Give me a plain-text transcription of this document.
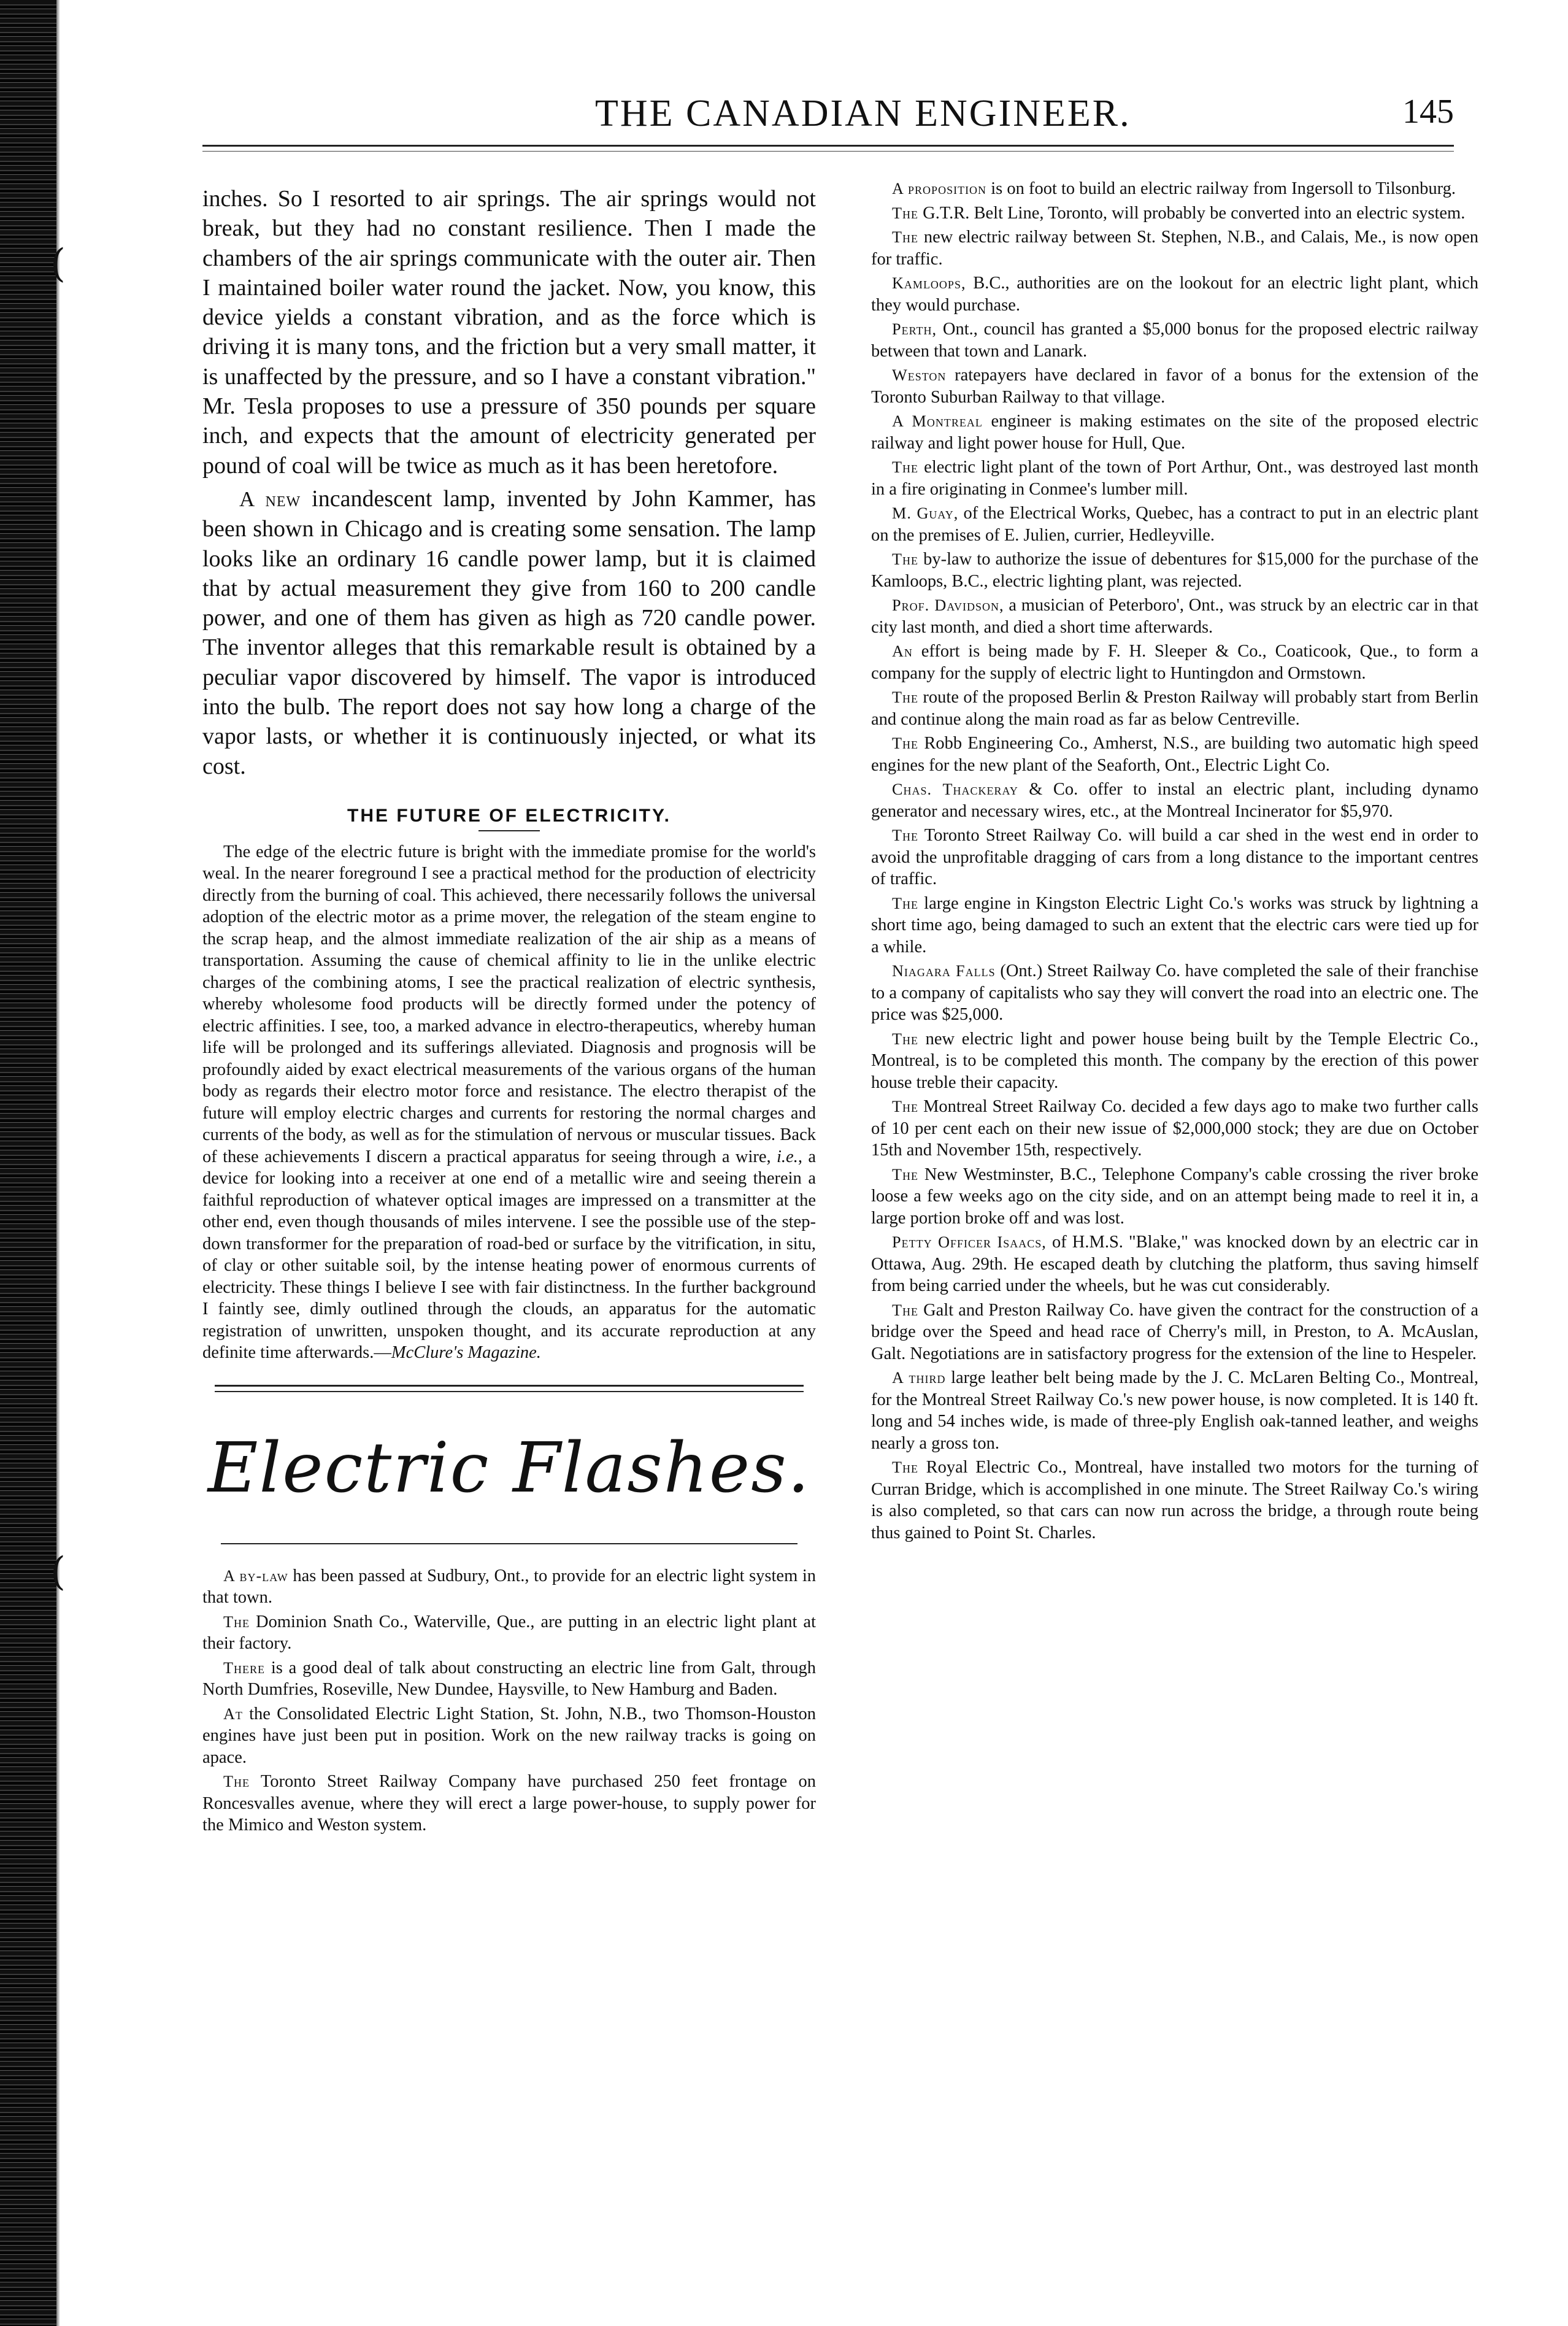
(
(
THE CANADIAN ENGINEER.	145

inches. So I resorted to air springs. The air springs would not break, but they had no constant resilience. Then I made the chambers of the air springs communicate with the outer air. Then I maintained boiler water round the jacket. Now, you know, this device yields a constant vibration, and as the force which is driving it is many tons, and the friction but a very small matter, it is unaffected by the pressure, and so I have a constant vibration." Mr. Tesla proposes to use a pressure of 350 pounds per square inch, and expects that the amount of electricity generated per pound of coal will be twice as much as it has been heretofore.

A new incandescent lamp, invented by John Kammer, has been shown in Chicago and is creating some sensation. The lamp looks like an ordinary 16 candle power lamp, but it is claimed that by actual measurement they give from 160 to 200 candle power, and one of them has given as high as 720 candle power. The inventor alleges that this remarkable result is obtained by a peculiar vapor discovered by himself. The vapor is introduced into the bulb. The report does not say how long a charge of the vapor lasts, or whether it is continuously injected, or what its cost.

THE FUTURE OF ELECTRICITY.

The edge of the electric future is bright with the immediate promise for the world's weal. In the nearer foreground I see a practical method for the production of electricity directly from the burning of coal. This achieved, there necessarily follows the universal adoption of the electric motor as a prime mover, the relegation of the steam engine to the scrap heap, and the almost immediate realization of the air ship as a means of transportation. Assuming the cause of chemical affinity to lie in the unlike electric charges of the combining atoms, I see the practical realization of electric synthesis, whereby wholesome food products will be directly formed under the potency of electric affinities. I see, too, a marked advance in electro-therapeutics, whereby human life will be prolonged and its sufferings alleviated. Diagnosis and prognosis will be profoundly aided by exact electrical measurements of the various organs of the human body as regards their electro motor force and resistance. The electro therapist of the future will employ electric charges and currents for restoring the normal charges and currents of the body, as well as for the stimulation of nervous or muscular tissues. Back of these achievements I discern a practical apparatus for seeing through a wire, i.e., a device for looking into a receiver at one end of a metallic wire and seeing therein a faithful reproduction of whatever optical images are impressed on a transmitter at the other end, even though thousands of miles intervene. I see the possible use of the step-down transformer for the preparation of road-bed or surface by the vitrification, in situ, of clay or other suitable soil, by the intense heating power of enormous currents of electricity. These things I believe I see with fair distinctness. In the further background I faintly see, dimly outlined through the clouds, an apparatus for the automatic registration of unwritten, unspoken thought, and its accurate reproduction at any definite time afterwards.—McClure's Magazine.

Electric Flashes.

A by-law has been passed at Sudbury, Ont., to provide for an electric light system in that town.

The Dominion Snath Co., Waterville, Que., are putting in an electric light plant at their factory.

There is a good deal of talk about constructing an electric line from Galt, through North Dumfries, Roseville, New Dundee, Haysville, to New Hamburg and Baden.

At the Consolidated Electric Light Station, St. John, N.B., two Thomson-Houston engines have just been put in position. Work on the new railway tracks is going on apace.

The Toronto Street Railway Company have purchased 250 feet frontage on Roncesvalles avenue, where they will erect a large power-house, to supply power for the Mimico and Weston system.

A proposition is on foot to build an electric railway from Ingersoll to Tilsonburg.

The G.T.R. Belt Line, Toronto, will probably be converted into an electric system.

The new electric railway between St. Stephen, N.B., and Calais, Me., is now open for traffic.

Kamloops, B.C., authorities are on the lookout for an electric light plant, which they would purchase.

Perth, Ont., council has granted a $5,000 bonus for the proposed electric railway between that town and Lanark.

Weston ratepayers have declared in favor of a bonus for the extension of the Toronto Suburban Railway to that village.

A Montreal engineer is making estimates on the site of the proposed electric railway and light power house for Hull, Que.

The electric light plant of the town of Port Arthur, Ont., was destroyed last month in a fire originating in Conmee's lumber mill.

M. Guay, of the Electrical Works, Quebec, has a contract to put in an electric plant on the premises of E. Julien, currier, Hedleyville.

The by-law to authorize the issue of debentures for $15,000 for the purchase of the Kamloops, B.C., electric lighting plant, was rejected.

Prof. Davidson, a musician of Peterboro', Ont., was struck by an electric car in that city last month, and died a short time afterwards.

An effort is being made by F. H. Sleeper & Co., Coaticook, Que., to form a company for the supply of electric light to Huntingdon and Ormstown.

The route of the proposed Berlin & Preston Railway will probably start from Berlin and continue along the main road as far as below Centreville.

The Robb Engineering Co., Amherst, N.S., are building two automatic high speed engines for the new plant of the Seaforth, Ont., Electric Light Co.

Chas. Thackeray & Co. offer to instal an electric plant, including dynamo generator and necessary wires, etc., at the Montreal Incinerator for $5,970.

The Toronto Street Railway Co. will build a car shed in the west end in order to avoid the unprofitable dragging of cars from a long distance to the important centres of traffic.

The large engine in Kingston Electric Light Co.'s works was struck by lightning a short time ago, being damaged to such an extent that the electric cars were tied up for a while.

Niagara Falls (Ont.) Street Railway Co. have completed the sale of their franchise to a company of capitalists who say they will convert the road into an electric one. The price was $25,000.

The new electric light and power house being built by the Temple Electric Co., Montreal, is to be completed this month. The company by the erection of this power house treble their capacity.

The Montreal Street Railway Co. decided a few days ago to make two further calls of 10 per cent each on their new issue of $2,000,000 stock; they are due on October 15th and November 15th, respectively.

The New Westminster, B.C., Telephone Company's cable crossing the river broke loose a few weeks ago on the city side, and on an attempt being made to reel it in, a large portion broke off and was lost.

Petty Officer Isaacs, of H.M.S. "Blake," was knocked down by an electric car in Ottawa, Aug. 29th. He escaped death by clutching the platform, thus saving himself from being carried under the wheels, but he was cut considerably.

The Galt and Preston Railway Co. have given the contract for the construction of a bridge over the Speed and head race of Cherry's mill, in Preston, to A. McAuslan, Galt. Negotiations are in satisfactory progress for the extension of the line to Hespeler.

A third large leather belt being made by the J. C. McLaren Belting Co., Montreal, for the Montreal Street Railway Co.'s new power house, is now completed. It is 140 ft. long and 54 inches wide, is made of three-ply English oak-tanned leather, and weighs nearly a gross ton.

The Royal Electric Co., Montreal, have installed two motors for the turning of Curran Bridge, which is accomplished in one minute. The Street Railway Co.'s wiring is also completed, so that cars can now run across the bridge, a through route being thus gained to Point St. Charles.
